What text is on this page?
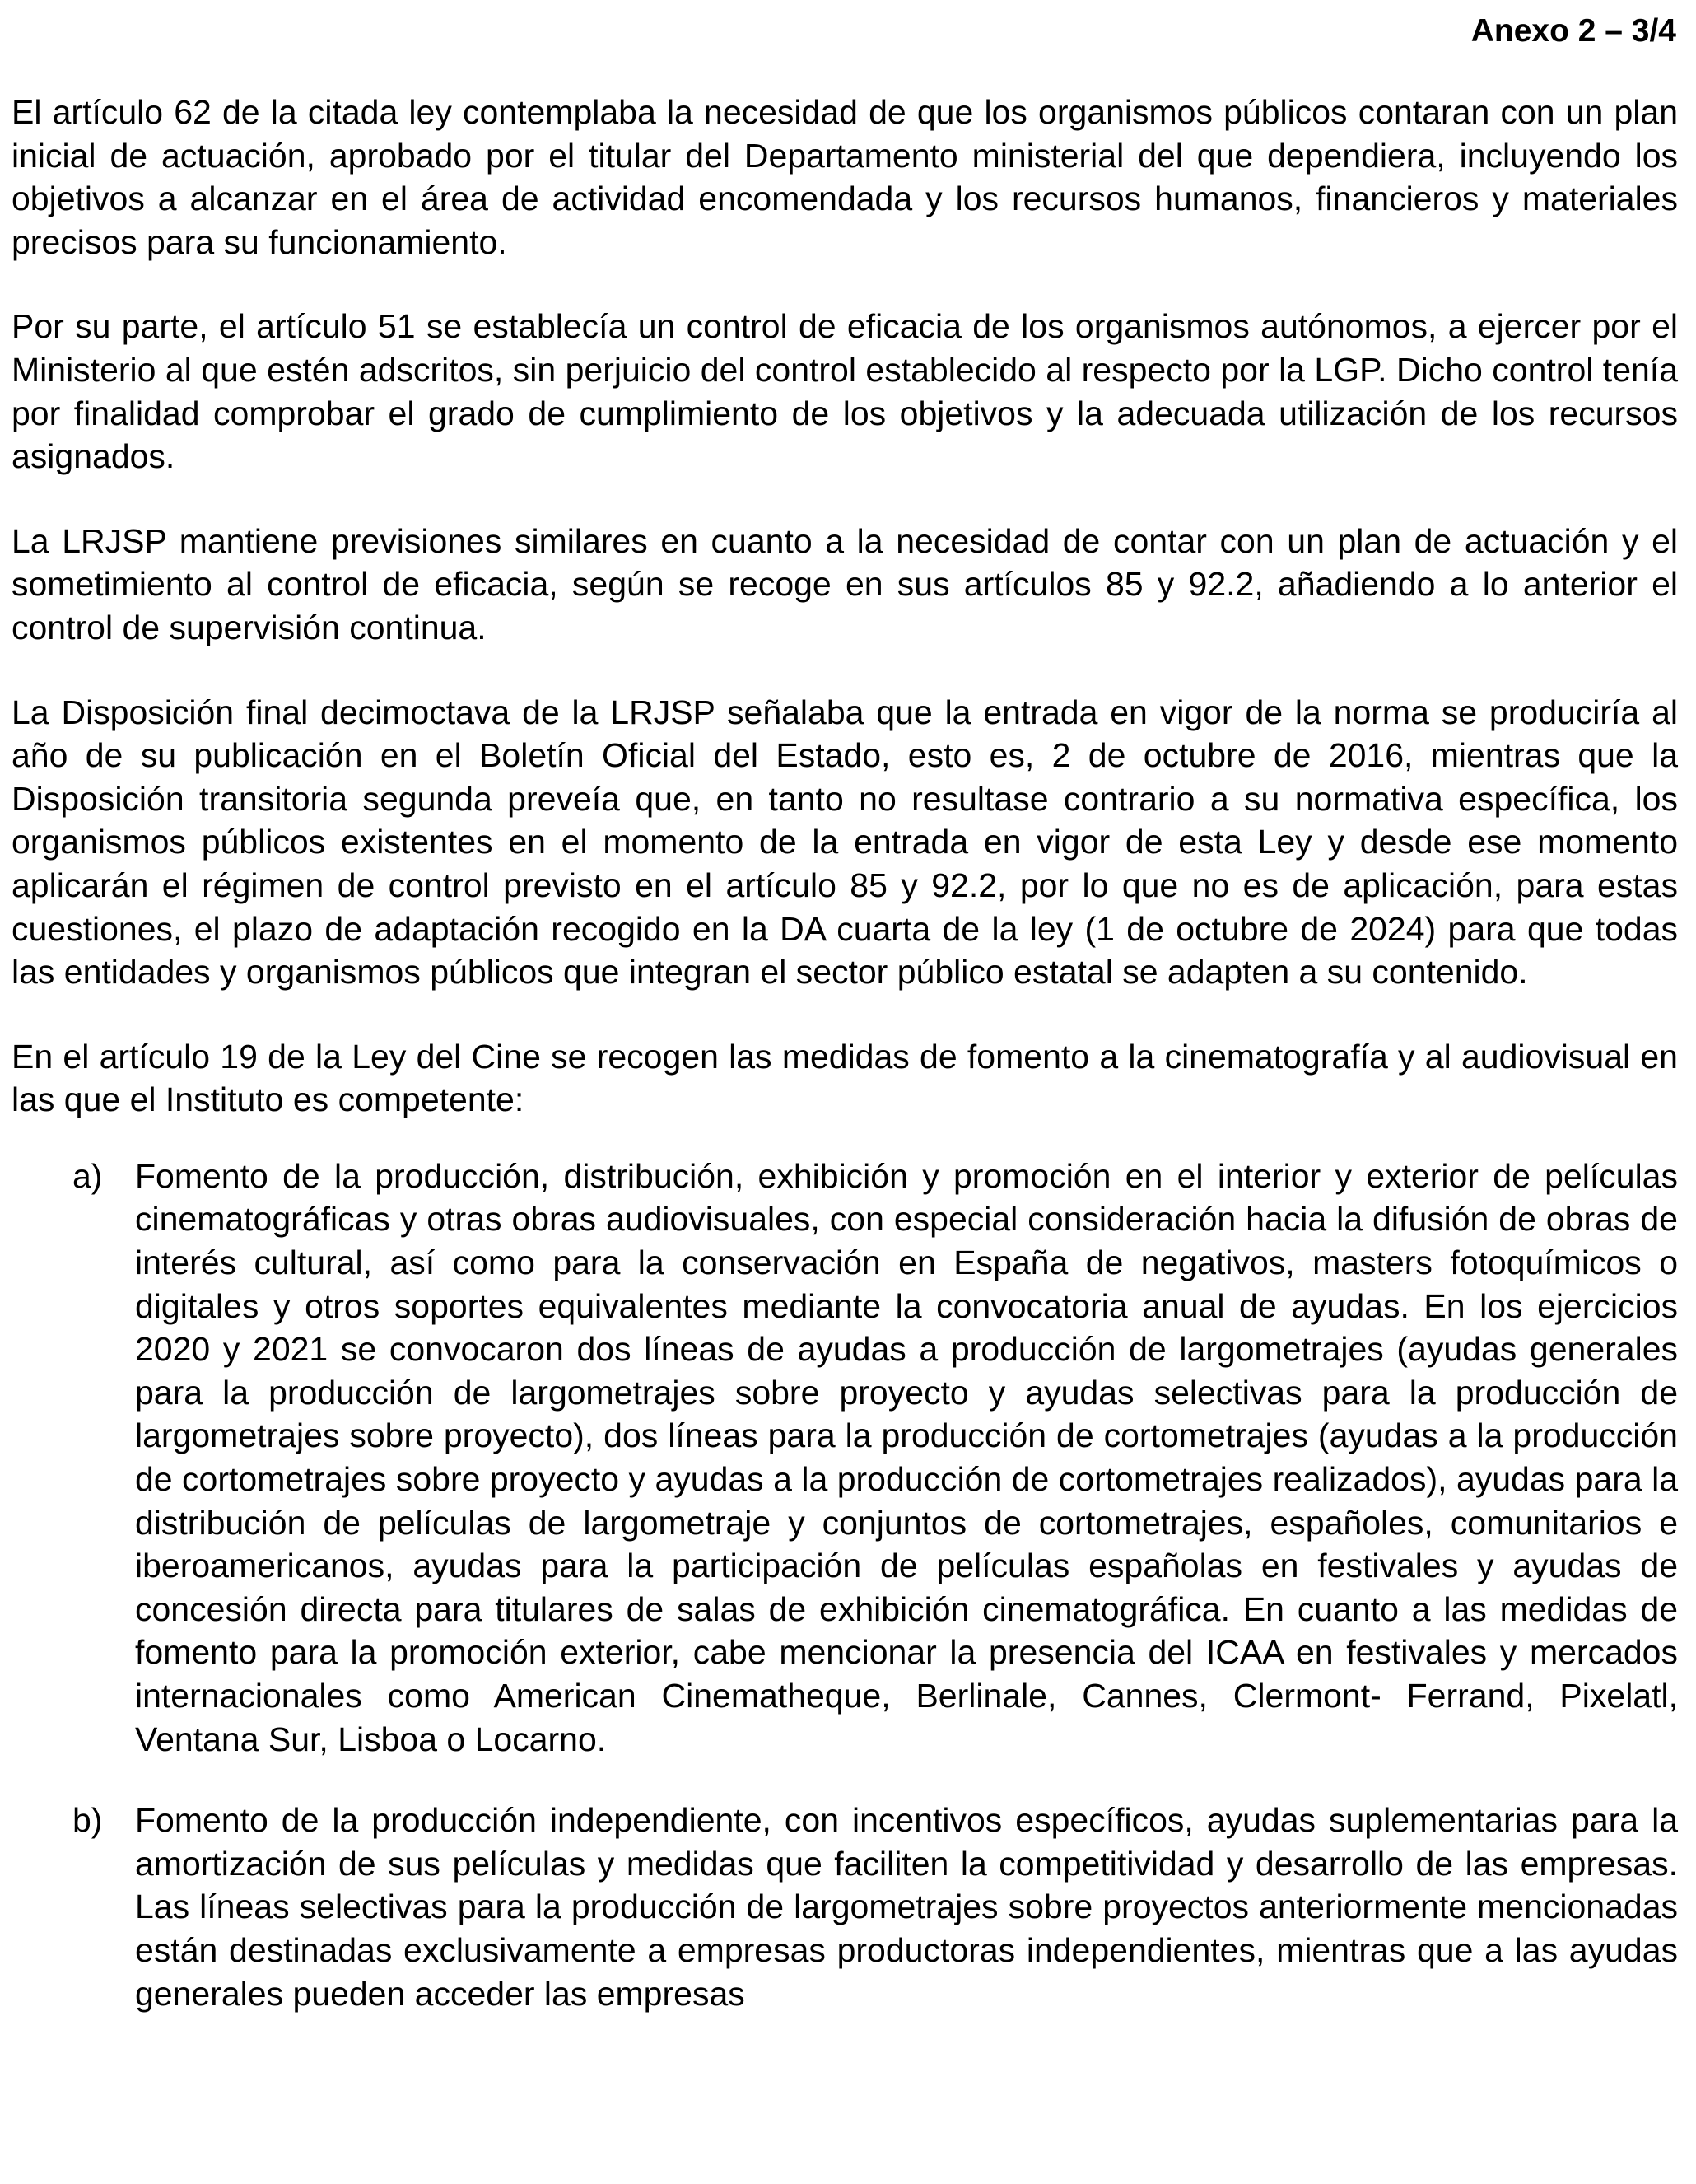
Anexo 2 – 3/4

El artículo 62 de la citada ley contemplaba la necesidad de que los organismos públicos contaran con un plan inicial de actuación, aprobado por el titular del Departamento ministerial del que dependiera, incluyendo los objetivos a alcanzar en el área de actividad encomendada y los recursos humanos, financieros y materiales precisos para su funcionamiento.

Por su parte, el artículo 51 se establecía un control de eficacia de los organismos autónomos, a ejercer por el Ministerio al que estén adscritos, sin perjuicio del control establecido al respecto por la LGP. Dicho control tenía por finalidad comprobar el grado de cumplimiento de los objetivos y la adecuada utilización de los recursos asignados.

La LRJSP mantiene previsiones similares en cuanto a la necesidad de contar con un plan de actuación y el sometimiento al control de eficacia, según se recoge en sus artículos 85 y 92.2, añadiendo a lo anterior el control de supervisión continua.

La Disposición final decimoctava de la LRJSP señalaba que la entrada en vigor de la norma se produciría al año de su publicación en el Boletín Oficial del Estado, esto es, 2 de octubre de 2016, mientras que la Disposición transitoria segunda preveía que, en tanto no resultase contrario a su normativa específica, los organismos públicos existentes en el momento de la entrada en vigor de esta Ley y desde ese momento aplicarán el régimen de control previsto en el artículo 85 y 92.2, por lo que no es de aplicación, para estas cuestiones, el plazo de adaptación recogido en la DA cuarta de la ley (1 de octubre de 2024) para que todas las entidades y organismos públicos que integran el sector público estatal se adapten a su contenido.

En el artículo 19 de la Ley del Cine se recogen las medidas de fomento a la cinematografía y al audiovisual en las que el Instituto es competente:

a) Fomento de la producción, distribución, exhibición y promoción en el interior y exterior de películas cinematográficas y otras obras audiovisuales, con especial consideración hacia la difusión de obras de interés cultural, así como para la conservación en España de negativos, masters fotoquímicos o digitales y otros soportes equivalentes mediante la convocatoria anual de ayudas. En los ejercicios 2020 y 2021 se convocaron dos líneas de ayudas a producción de largometrajes (ayudas generales para la producción de largometrajes sobre proyecto y ayudas selectivas para la producción de largometrajes sobre proyecto), dos líneas para la producción de cortometrajes (ayudas a la producción de cortometrajes sobre proyecto y ayudas a la producción de cortometrajes realizados), ayudas para la distribución de películas de largometraje y conjuntos de cortometrajes, españoles, comunitarios e iberoamericanos, ayudas para la participación de películas españolas en festivales y ayudas de concesión directa para titulares de salas de exhibición cinematográfica. En cuanto a las medidas de fomento para la promoción exterior, cabe mencionar la presencia del ICAA en festivales y mercados internacionales como American Cinematheque, Berlinale, Cannes, Clermont- Ferrand, Pixelatl, Ventana Sur, Lisboa o Locarno.
b) Fomento de la producción independiente, con incentivos específicos, ayudas suplementarias para la amortización de sus películas y medidas que faciliten la competitividad y desarrollo de las empresas. Las líneas selectivas para la producción de largometrajes sobre proyectos anteriormente mencionadas están destinadas exclusivamente a empresas productoras independientes, mientras que a las ayudas generales pueden acceder las empresas
